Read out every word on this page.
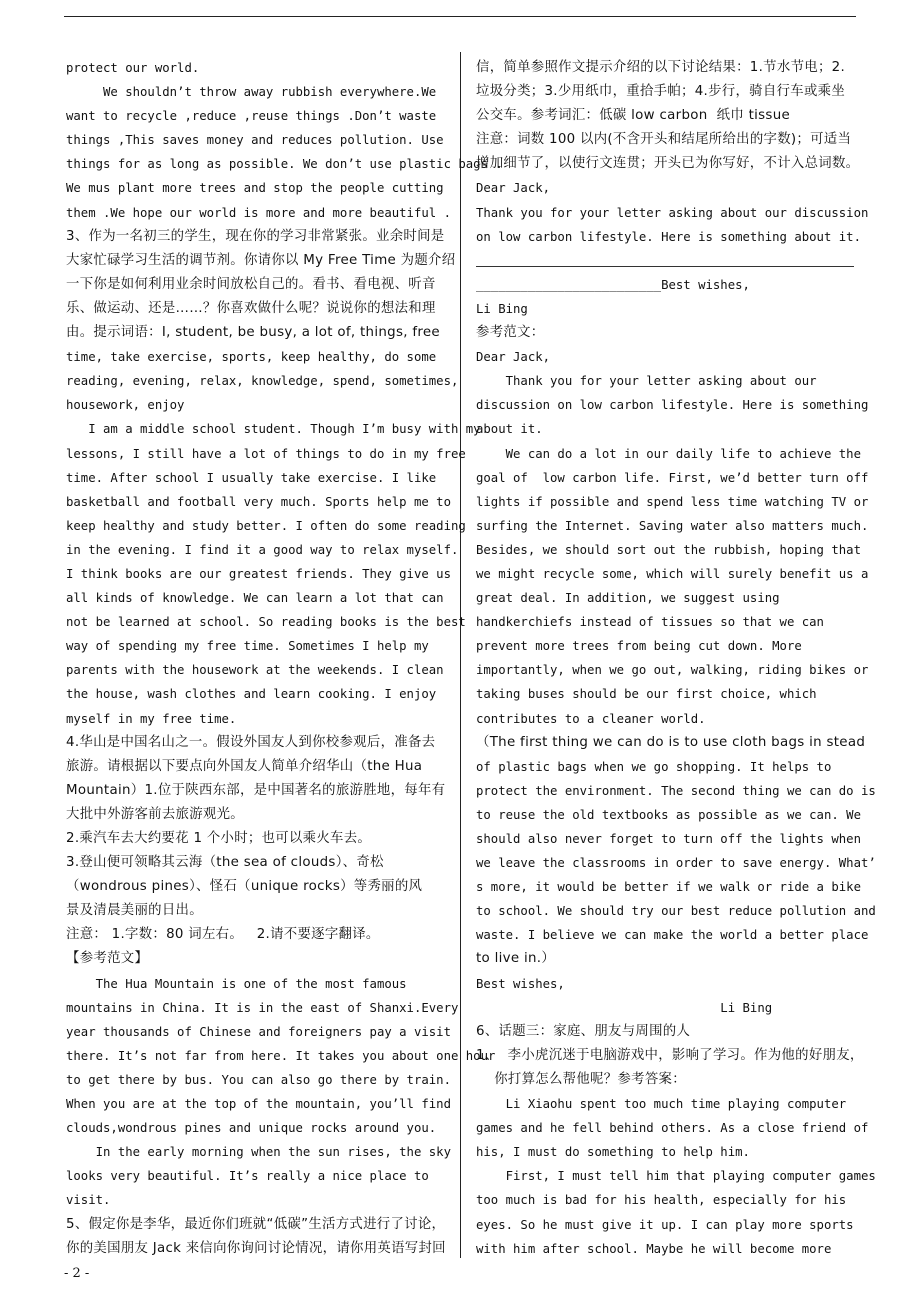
protect our world.
We shouldn’t throw away rubbish everywhere.We
want to recycle ,reduce ,reuse things .Don’t waste
things ,This saves money and reduces pollution. Use
things for as long as possible. We don’t use plastic bags .
We mus plant more trees and stop the people cutting
them .We hope our world is more and more beautiful .
3、作为一名初三的学生，现在你的学习非常紧张。业余时间是
大家忙碌学习生活的调节剂。你请你以 My Free Time 为题介绍
一下你是如何利用业余时间放松自己的。看书、看电视、听音
乐、做运动、还是……？你喜欢做什么呢？说说你的想法和理
由。提示词语：I, student, be busy, a lot of, things, free
time, take exercise, sports, keep healthy, do some
reading, evening, relax, knowledge, spend, sometimes,
housework, enjoy
I am a middle school student. Though I’m busy with my
lessons, I still have a lot of things to do in my free
time. After school I usually take exercise. I like
basketball and football very much. Sports help me to
keep healthy and study better. I often do some reading
in the evening. I find it a good way to relax myself.
I think books are our greatest friends. They give us
all kinds of knowledge. We can learn a lot that can
not be learned at school. So reading books is the best
way of spending my free time. Sometimes I help my
parents with the housework at the weekends. I clean
the house, wash clothes and learn cooking. I enjoy
myself in my free time.
4.华山是中国名山之一。假设外国友人到你校参观后，准备去
旅游。请根据以下要点向外国友人简单介绍华山（the Hua
Mountain）1.位于陕西东部，是中国著名的旅游胜地，每年有
大批中外游客前去旅游观光。
2.乘汽车去大约要花 1 个小时；也可以乘火车去。
3.登山便可领略其云海（the sea of clouds）、奇松
（wondrous pines）、怪石（unique rocks）等秀丽的风
景及清晨美丽的日出。
注意： 1.字数：80 词左右。   2.请不要逐字翻译。
【参考范文】
The Hua Mountain is one of the most famous
mountains in China. It is in the east of Shanxi.Every
year thousands of Chinese and foreigners pay a visit
there. It’s not far from here. It takes you about one hour
to get there by bus. You can also go there by train.
When you are at the top of the mountain, you’ll find
clouds,wondrous pines and unique rocks around you.
In the early morning when the sun rises, the sky
looks very beautiful. It’s really a nice place to
visit.
5、假定你是李华，最近你们班就“低碳”生活方式进行了讨论，
你的美国朋友 Jack 来信向你询问讨论情况，请你用英语写封回
信，简单参照作文提示介绍的以下讨论结果：1.节水节电；2.
垃圾分类；3.少用纸巾，重拾手帕；4.步行，骑自行车或乘坐
公交车。参考词汇：低碳 low carbon  纸巾 tissue
注意：词数 100 以内(不含开头和结尾所给出的字数)；可适当
增加细节了，以使行文连贯；开头已为你写好，不计入总词数。
Dear Jack,
Thank you for your letter asking about our discussion
on low carbon lifestyle. Here is something about it.
_________________________Best wishes,
Li Bing
参考范文：
Dear Jack,
Thank you for your letter asking about our
discussion on low carbon lifestyle. Here is something
about it.
We can do a lot in our daily life to achieve the
goal of  low carbon life. First, we’d better turn off
lights if possible and spend less time watching TV or
surfing the Internet. Saving water also matters much.
Besides, we should sort out the rubbish, hoping that
we might recycle some, which will surely benefit us a
great deal. In addition, we suggest using
handkerchiefs instead of tissues so that we can
prevent more trees from being cut down. More
importantly, when we go out, walking, riding bikes or
taking buses should be our first choice, which
contributes to a cleaner world.
（The first thing we can do is to use cloth bags in stead
of plastic bags when we go shopping. It helps to
protect the environment. The second thing we can do is
to reuse the old textbooks as possible as we can. We
should also never forget to turn off the lights when
we leave the classrooms in order to save energy. What’
s more, it would be better if we walk or ride a bike
to school. We should try our best reduce pollution and
waste. I believe we can make the world a better place
to live in.）
Best wishes,
Li Bing
6、话题三：家庭、朋友与周围的人
1、  李小虎沉迷于电脑游戏中，影响了学习。作为他的好朋友，
你打算怎么帮他呢？参考答案：
Li Xiaohu spent too much time playing computer
games and he fell behind others. As a close friend of
his, I must do something to help him.
First, I must tell him that playing computer games
too much is bad for his health, especially for his
eyes. So he must give it up. I can play more sports
with him after school. Maybe he will become more
- 2 -
